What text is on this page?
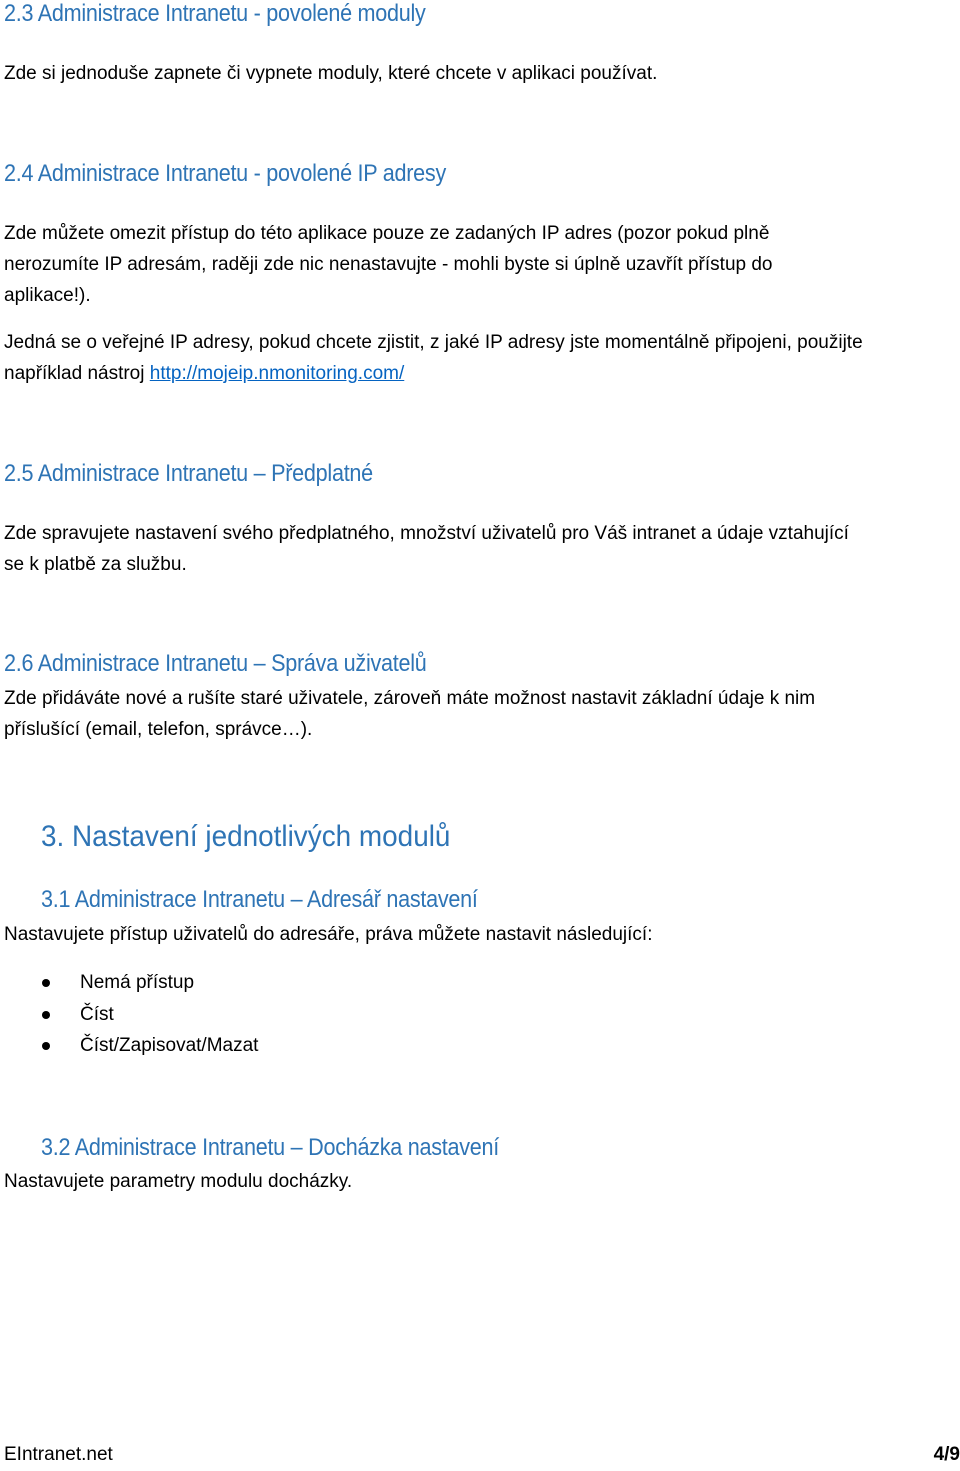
2.3 Administrace Intranetu - povolené moduly

Zde si jednoduše zapnete či vypnete moduly, které chcete v aplikaci používat.

2.4 Administrace Intranetu - povolené IP adresy
Zde můžete omezit přístup do této aplikace pouze ze zadaných IP adres (pozor pokud plně
nerozumíte IP adresám, raději zde nic nenastavujte - mohli byste si úplně uzavřít přístup do
aplikace!).
Jedná se o veřejné IP adresy, pokud chcete zjistit, z jaké IP adresy jste momentálně připojeni, použijte
například nástroj http://mojeip.nmonitoring.com/
2.5 Administrace Intranetu – Předplatné
Zde spravujete nastavení svého předplatného, množství uživatelů pro Váš intranet a údaje vztahující
se k platbě za službu.
2.6 Administrace Intranetu – Správa uživatelů
Zde přidáváte nové a rušíte staré uživatele, zároveň máte možnost nastavit základní údaje k nim
příslušící (email, telefon, správce…).
3. Nastavení jednotlivých modulů
3.1 Administrace Intranetu – Adresář nastavení

Nastavujete přístup uživatelů do adresáře, práva můžete nastavit následující:

Nemá přístup
Číst
Číst/Zapisovat/Mazat
3.2 Administrace Intranetu – Docházka nastavení

Nastavujete parametry modulu docházky.

EIntranet.net	4/9
